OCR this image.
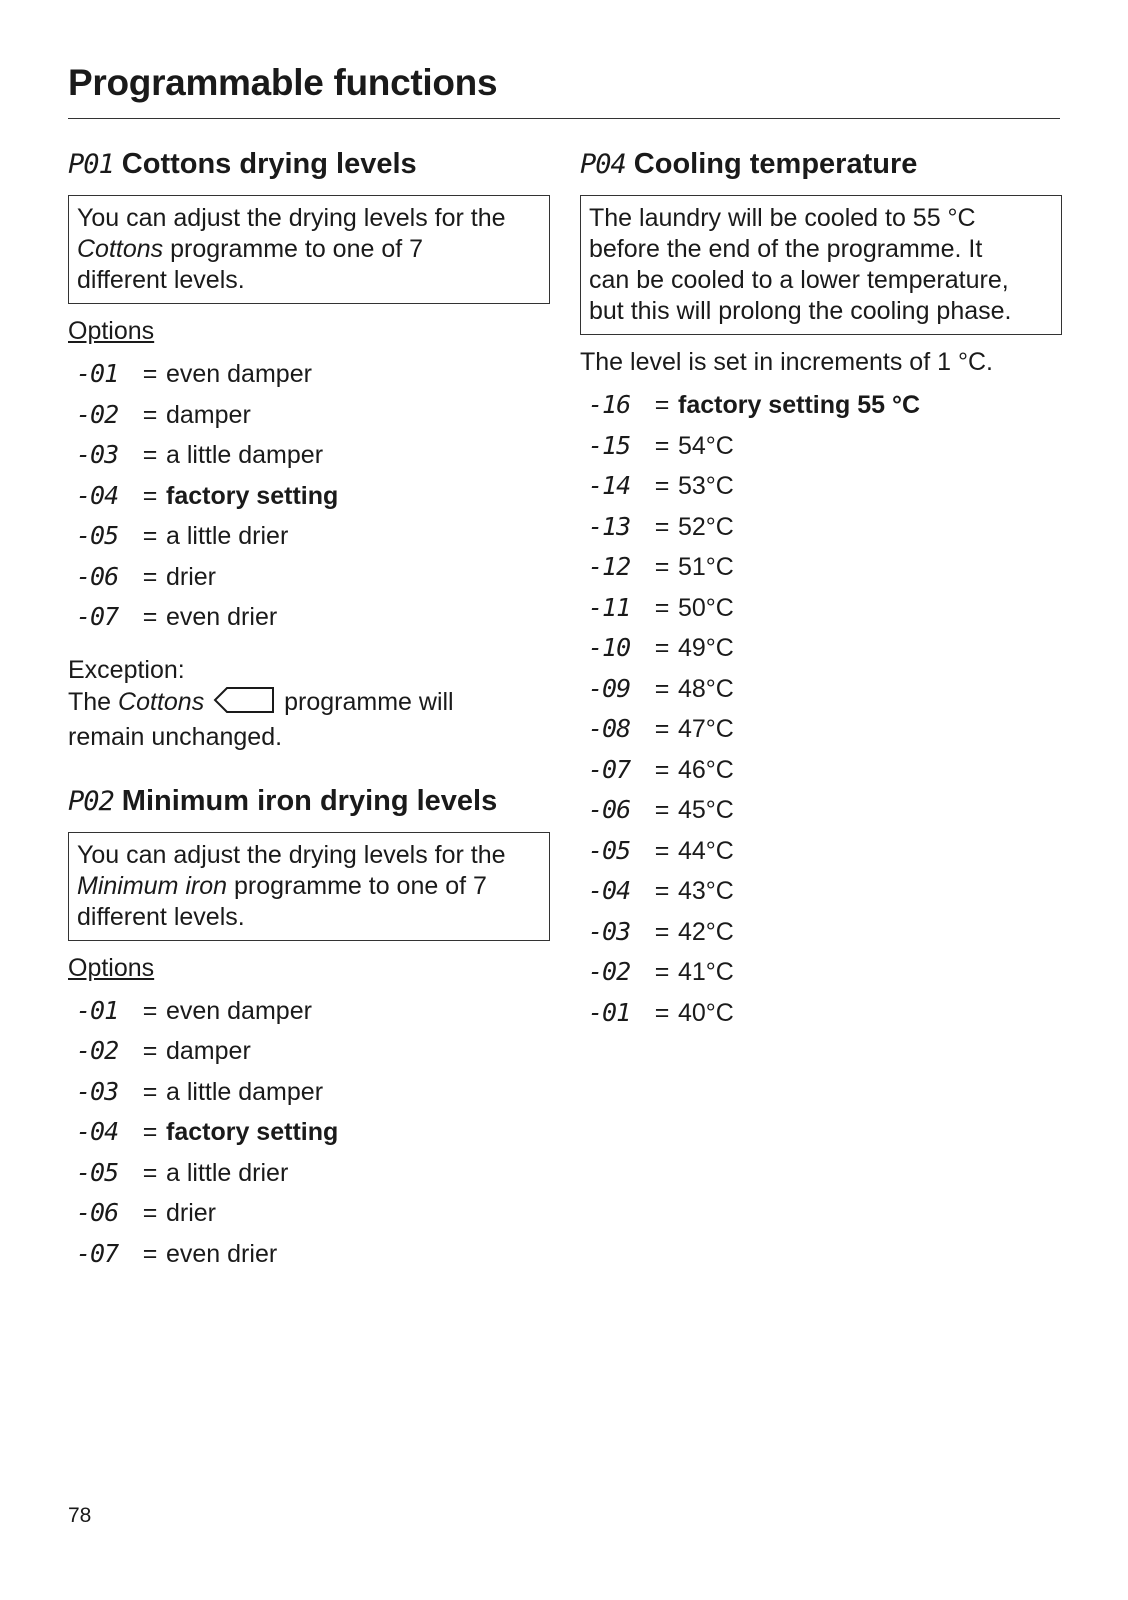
Programmable functions
P01 Cottons drying levels
You can adjust the drying levels for the
Cottons programme to one of 7
different levels.
Options
-01 = even damper
-02 = damper
-03 = a little damper
-04 = factory setting
-05 = a little drier
-06 = drier
-07 = even drier
Exception:
The Cottons	programme will
remain unchanged.
P02 Minimum iron drying levels
You can adjust the drying levels for the
Minimum iron programme to one of 7
different levels.
Options
-01 = even damper
-02 = damper
-03 = a little damper
-04 = factory setting
-05 = a little drier
-06 = drier
-07 = even drier
P04 Cooling temperature
The laundry will be cooled to 55 °C
before the end of the programme. It
can be cooled to a lower temperature,
but this will prolong the cooling phase.
The level is set in increments of 1 °C.
-16 = factory setting 55 °C
-15 = 54°C
-14 = 53°C
-13 = 52°C
-12 = 51°C
-11 = 50°C
-10 = 49°C
-09 = 48°C
-08 = 47°C
-07 = 46°C
-06 = 45°C
-05 = 44°C
-04 = 43°C
-03 = 42°C
-02 = 41°C
-01 = 40°C
78
